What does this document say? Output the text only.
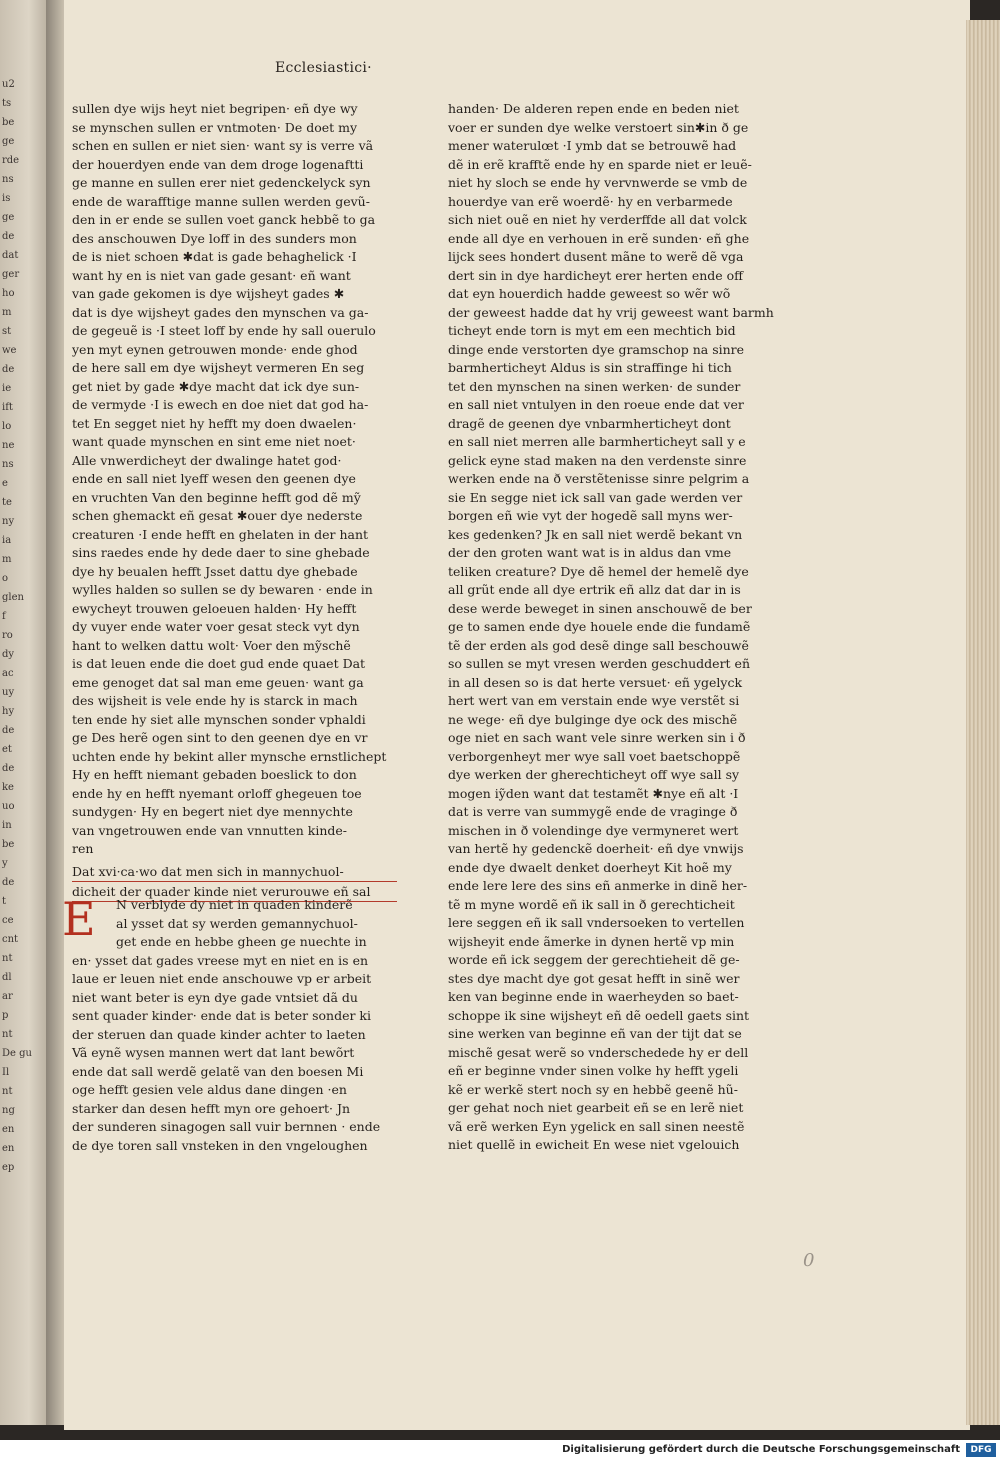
u2
ts
be
ge
rde
ns
is
ge
de
dat
ger
ho
m
st
we
de
ie
ift
lo
ne
ns
e
te
ny
ia
m
o
glen
f
ro
dy
ac
uy
hy
de
et
de
ke
uo
in
be
y
de
t
ce
cnt
nt
dl
ar
p
nt
De gu
Il
nt
ng
en
en
ep
Ecclesiastici·
sullen dye wijs heyt niet begripen· eñ dye wy
se mynschen sullen er vntmoten· De doet my
schen en sullen er niet sien· want sy is verre vã
der houerdyen ende van dem droge logenaftti
ge manne en sullen erer niet gedenckelyck syn
ende de warafftige manne sullen werden gevũ-
den in er ende se sullen voet ganck hebbẽ to ga
des anschouwen Dye loff in des sunders mon
de is niet schoen ✱dat is gade behaghelick ·I
want hy en is niet van gade gesant· eñ want
van gade gekomen is dye wijsheyt gades ✱
dat is dye wijsheyt gades den mynschen va ga-
de gegeuẽ is ·I steet loff by ende hy sall ouerulo
yen myt eynen getrouwen monde· ende ghod
de here sall em dye wijsheyt vermeren En seg
get niet by gade ✱dye macht dat ick dye sun-
de vermyde ·I is ewech en doe niet dat god ha-
tet En segget niet hy hefft my doen dwaelen·
want quade mynschen en sint eme niet noet·
Alle vnwerdicheyt der dwalinge hatet god·
ende en sall niet lyeff wesen den geenen dye
en vruchten Van den beginne hefft god dẽ mỹ
schen ghemackt eñ gesat ✱ouer dye nederste
creaturen ·I ende hefft en ghelaten in der hant
sins raedes ende hy dede daer to sine ghebade
dye hy beualen hefft Jsset dattu dye ghebade
wylles halden so sullen se dy bewaren · ende in
ewycheyt trouwen geloeuen halden· Hy hefft
dy vuyer ende water voer gesat steck vyt dyn
hant to welken dattu wolt· Voer den mỹschẽ
is dat leuen ende die doet gud ende quaet Dat
eme genoget dat sal man eme geuen· want ga
des wijsheit is vele ende hy is starck in mach
ten ende hy siet alle mynschen sonder vphaldi
ge Des herẽ ogen sint to den geenen dye en vr
uchten ende hy bekint aller mynsche ernstlichept
Hy en hefft niemant gebaden boeslick to don
ende hy en hefft nyemant orloff ghegeuen toe
sundygen· Hy en begert niet dye mennychte
van vngetrouwen ende van vnnutten kinde-
ren
Dat xvi·ca·wo dat men sich in mannychuol-
dicheit der quader kinde niet verurouwe eñ sal
E	N verblyde dy niet in quaden kinderẽ
al ysset dat sy werden gemannychuol-
get ende en hebbe gheen ge nuechte in
en· ysset dat gades vreese myt en niet en is en
laue er leuen niet ende anschouwe vp er arbeit
niet want beter is eyn dye gade vntsiet dã du
sent quader kinder· ende dat is beter sonder ki
der steruen dan quade kinder achter to laeten
Vã eynẽ wysen mannen wert dat lant bewõrt
ende dat sall werdẽ gelatẽ van den boesen Mi
oge hefft gesien vele aldus dane dingen ·en
starker dan desen hefft myn ore gehoert· Jn
der sunderen sinagogen sall vuir bernnen · ende
de dye toren sall vnsteken in den vngeloughen
handen· De alderen repen ende en beden niet
voer er sunden dye welke verstoert sin✱in ð ge
mener waterulœt ·I ymb dat se betrouwẽ had
dẽ in erẽ krafftẽ ende hy en sparde niet er leuẽ-
niet hy sloch se ende hy vervnwerde se vmb de
houerdye van erẽ woerdẽ· hy en verbarmede
sich niet ouẽ en niet hy verderffde all dat volck
ende all dye en verhouen in erẽ sunden· eñ ghe
lijck sees hondert dusent mãne to werẽ dẽ vga
dert sin in dye hardicheyt erer herten ende off
dat eyn houerdich hadde geweest so wẽr wõ
der geweest hadde dat hy vrij geweest want barmh
ticheyt ende torn is myt em een mechtich bid
dinge ende verstorten dye gramschop na sinre
barmherticheyt Aldus is sin straffinge hi tich
tet den mynschen na sinen werken· de sunder
en sall niet vntulyen in den roeue ende dat ver
dragẽ de geenen dye vnbarmherticheyt dont
en sall niet merren alle barmherticheyt sall y e
gelick eyne stad maken na den verdenste sinre
werken ende na ð verstẽtenisse sinre pelgrim a
sie En segge niet ick sall van gade werden ver
borgen eñ wie vyt der hogedẽ sall myns wer-
kes gedenken? Jk en sall niet werdẽ bekant vn
der den groten want wat is in aldus dan vme
teliken creature? Dye dẽ hemel der hemelẽ dye
all grũt ende all dye ertrik eñ allz dat dar in is
dese werde beweget in sinen anschouwẽ de ber
ge to samen ende dye houele ende die fundamẽ
tẽ der erden als god desẽ dinge sall beschouwẽ
so sullen se myt vresen werden geschuddert eñ
in all desen so is dat herte versuet· eñ ygelyck
hert wert van em verstain ende wye verstẽt si
ne wege· eñ dye bulginge dye ock des mischẽ
oge niet en sach want vele sinre werken sin i ð
verborgenheyt mer wye sall voet baetschoppẽ
dye werken der gherechticheyt off wye sall sy
mogen iỹden want dat testamẽt ✱nye eñ alt ·I
dat is verre van summygẽ ende de vraginge ð
mischen in ð volendinge dye vermyneret wert
van hertẽ hy gedenckẽ doerheit· eñ dye vnwijs
ende dye dwaelt denket doerheyt Kit hoẽ my
ende lere lere des sins eñ anmerke in dinẽ her-
tẽ m myne wordẽ eñ ik sall in ð gerechticheit
lere seggen eñ ik sall vndersoeken to vertellen
wijsheyit ende ãmerke in dynen hertẽ vp min
worde eñ ick seggem der gerechtieheit dẽ ge-
stes dye macht dye got gesat hefft in sinẽ wer
ken van beginne ende in waerheyden so baet-
schoppe ik sine wijsheyt eñ dẽ oedell gaets sint
sine werken van beginne eñ van der tijt dat se
mischẽ gesat werẽ so vnderschedede hy er dell
eñ er beginne vnder sinen volke hy hefft ygeli
kẽ er werkẽ stert noch sy en hebbẽ geenẽ hũ-
ger gehat noch niet gearbeit eñ se en lerẽ niet
vã erẽ werken Eyn ygelick en sall sinen neestẽ
niet quellẽ in ewicheit En wese niet vgelouich
0
Digitalisierung gefördert durch die Deutsche Forschungsgemeinschaft	DFG
